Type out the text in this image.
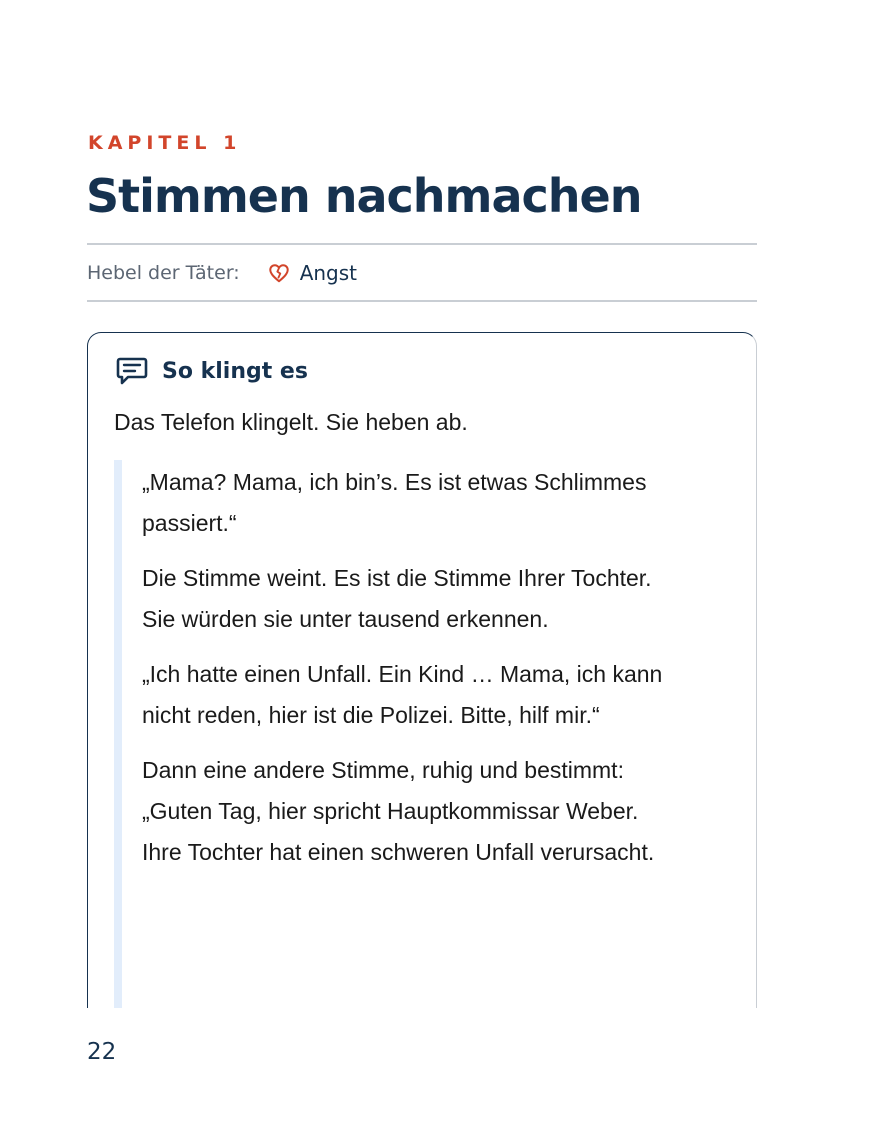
KAPITEL 1
Stimmen nachmachen
Hebel der Täter:	Angst
So klingt es
Das Telefon klingelt. Sie heben ab.

„Mama? Mama, ich bin’s. Es ist etwas Schlimmes
passiert.“

Die Stimme weint. Es ist die Stimme Ihrer Tochter.
Sie würden sie unter tausend erkennen.

„Ich hatte einen Unfall. Ein Kind … Mama, ich kann
nicht reden, hier ist die Polizei. Bitte, hilf mir.“

Dann eine andere Stimme, ruhig und bestimmt:
„Guten Tag, hier spricht Hauptkommissar Weber.
Ihre Tochter hat einen schweren Unfall verursacht.

22
